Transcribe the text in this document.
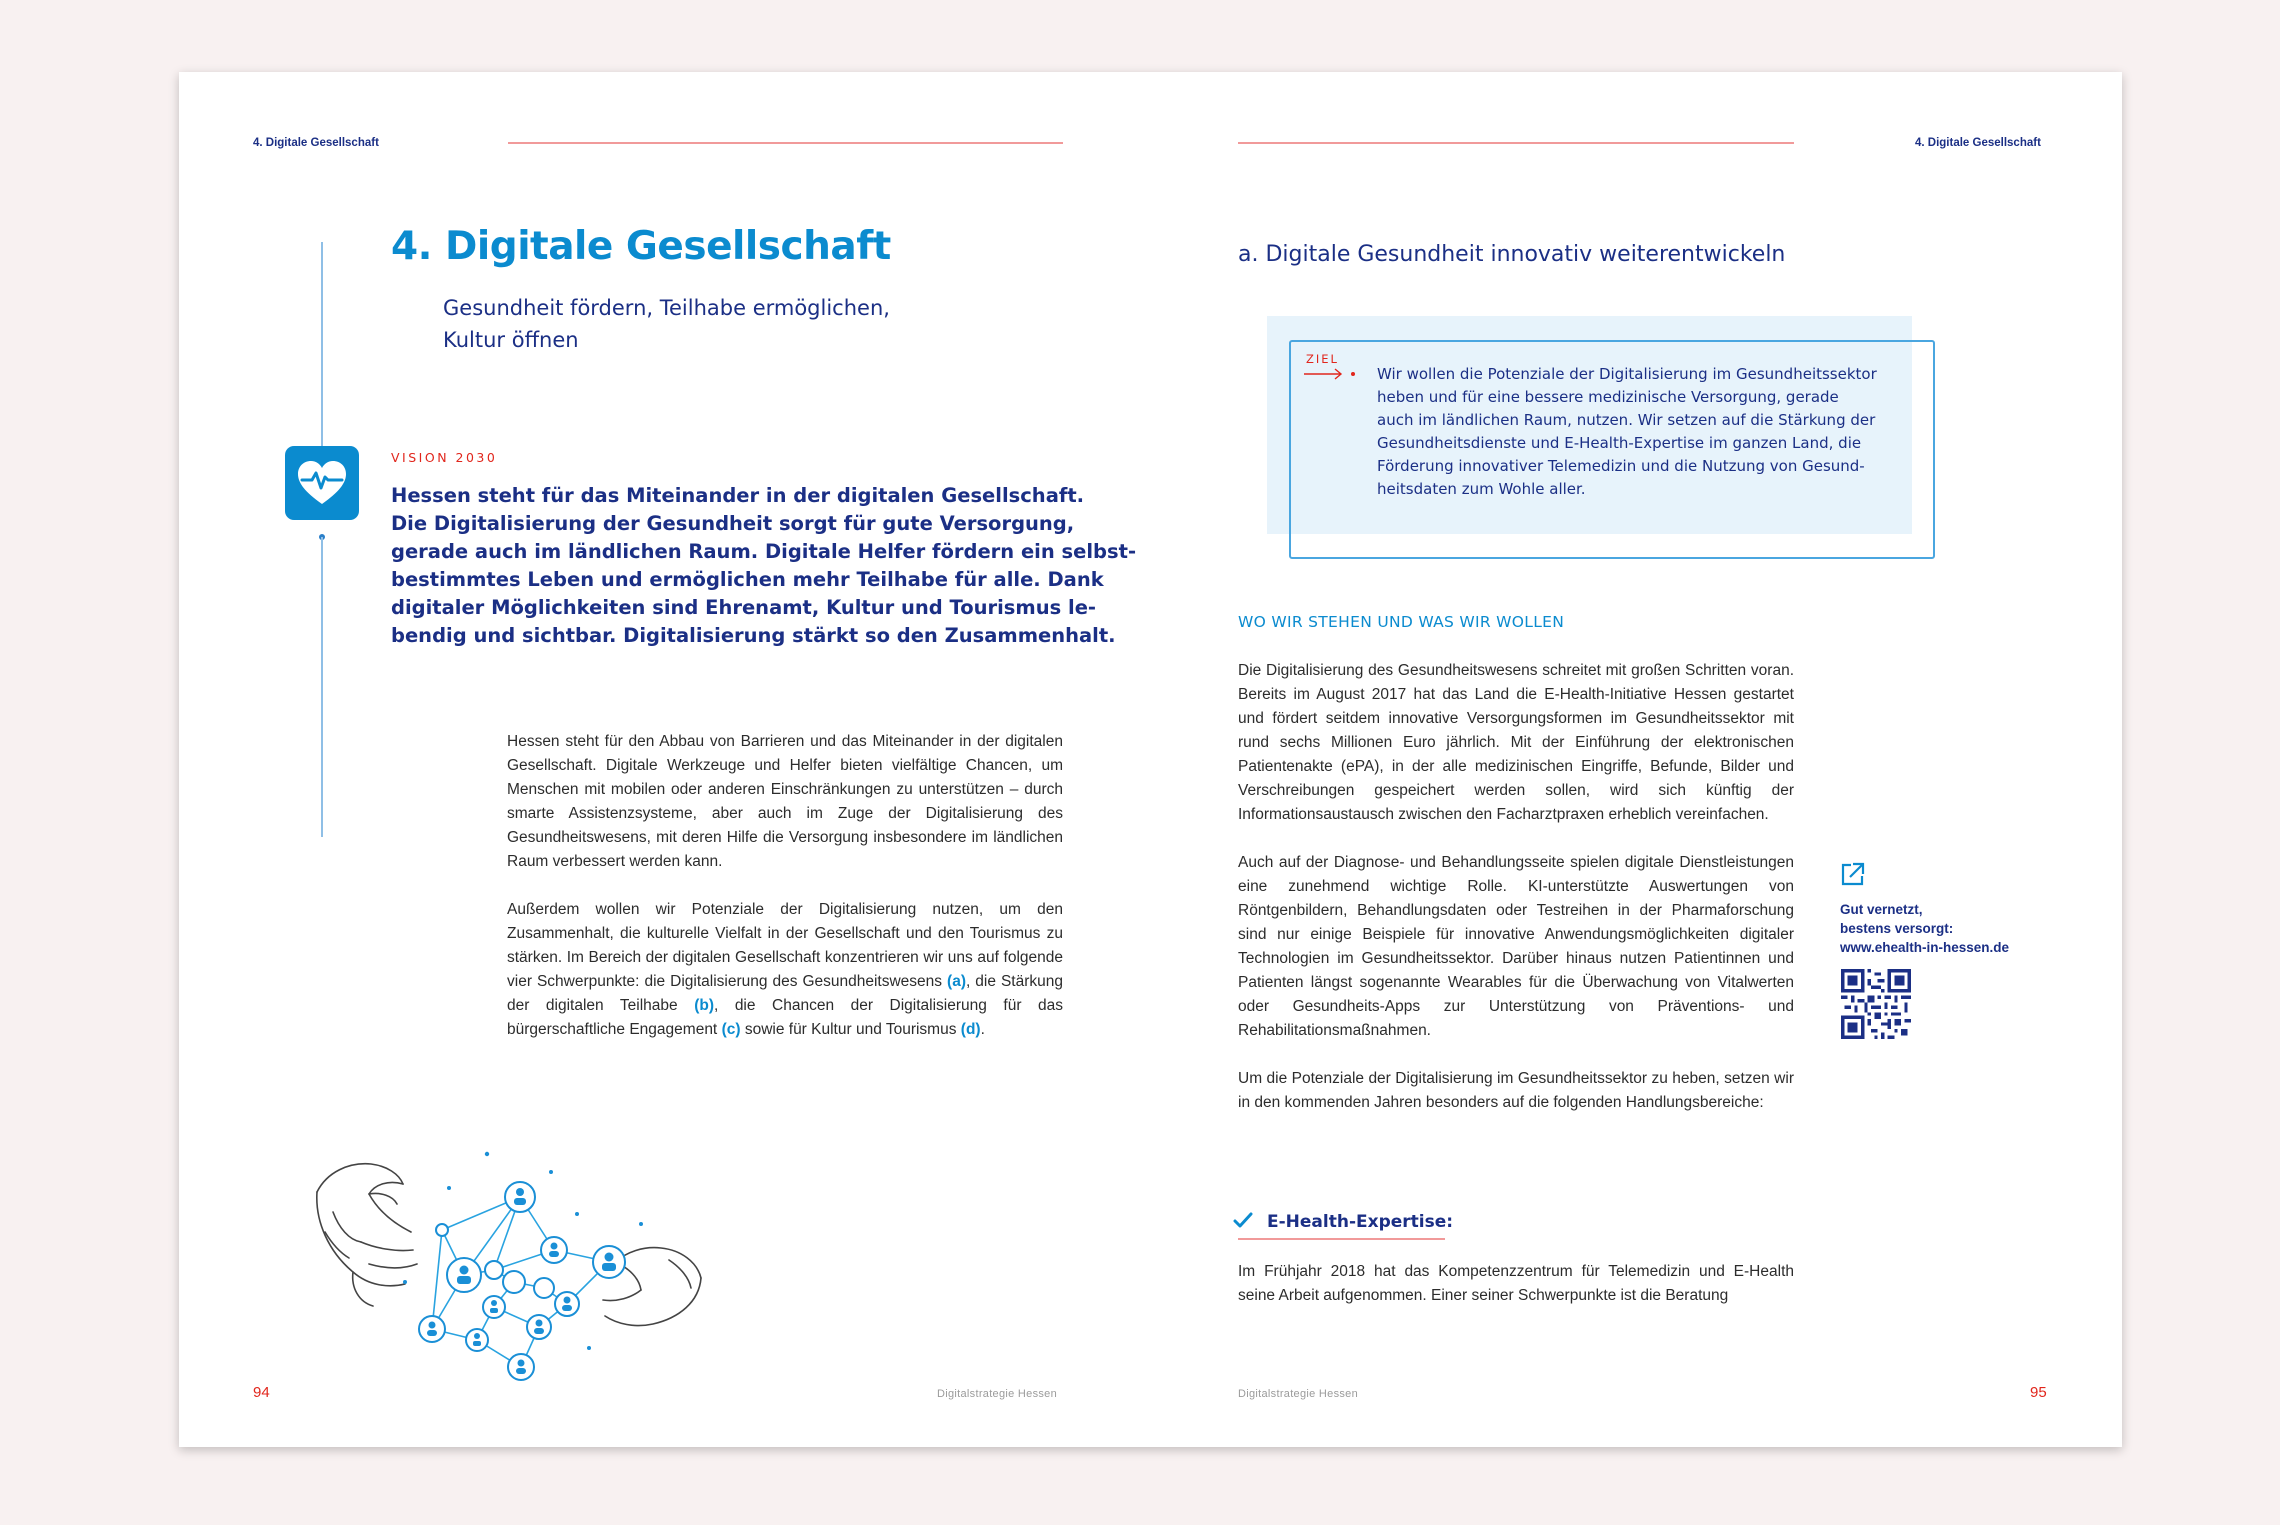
4. Digitale Gesellschaft
4. Digitale Gesellschaft
Gesundheit fördern, Teilhabe ermöglichen,
Kultur öffnen
VISION 2030
Hessen steht für das Miteinander in der digitalen Gesellschaft.
Die Digitalisierung der Gesundheit sorgt für gute Versorgung,
gerade auch im ländlichen Raum. Digitale Helfer fördern ein selbst-
bestimmtes Leben und ermöglichen mehr Teilhabe für alle. Dank
digitaler Möglichkeiten sind Ehrenamt, Kultur und Tourismus le-
bendig und sichtbar. Digitalisierung stärkt so den Zusammenhalt.

Hessen steht für den Abbau von Barrieren und das Miteinander in der digitalen Gesellschaft. Digitale Werkzeuge und Helfer bieten vielfältige Chancen, um Menschen mit mobilen oder anderen Einschränkungen zu unterstützen – durch smarte Assistenzsysteme, aber auch im Zuge der Digitalisierung des Gesundheitswesens, mit deren Hilfe die Versorgung insbesondere im ländlichen Raum verbessert werden kann.

Außerdem wollen wir Potenziale der Digitalisierung nutzen, um den Zusammenhalt, die kulturelle Vielfalt in der Gesellschaft und den Tourismus zu stärken. Im Bereich der digitalen Gesellschaft konzentrieren wir uns auf folgende vier Schwerpunkte: die Digitalisierung des Gesundheitswesens (a), die Stärkung der digitalen Teilhabe (b), die Chancen der Digitalisierung für das bürgerschaftliche Engagement (c) sowie für Kultur und Tourismus (d).

94	Digitalstrategie Hessen
4. Digitale Gesellschaft
a. Digitale Gesundheit innovativ weiterentwickeln
ZIEL
Wir wollen die Potenziale der Digitalisierung im Gesundheitssektor
heben und für eine bessere medizinische Versorgung, gerade
auch im ländlichen Raum, nutzen. Wir setzen auf die Stärkung der
Gesundheitsdienste und E-Health-Expertise im ganzen Land, die
Förderung innovativer Telemedizin und die Nutzung von Gesund-
heitsdaten zum Wohle aller.
WO WIR STEHEN UND WAS WIR WOLLEN

Die Digitalisierung des Gesundheitswesens schreitet mit großen Schritten voran. Bereits im August 2017 hat das Land die E-Health-Initiative Hessen gestartet und fördert seitdem innovative Versorgungsformen im Gesundheitssektor mit rund sechs Millionen Euro jährlich. Mit der Einführung der elektronischen Patientenakte (ePA), in der alle medizinischen Eingriffe, Befunde, Bilder und Verschreibungen gespeichert werden sollen, wird sich künftig der Informationsaustausch zwischen den Facharztpraxen erheblich vereinfachen.

Auch auf der Diagnose- und Behandlungsseite spielen digitale Dienstleistungen eine zunehmend wichtige Rolle. KI-unterstützte Auswertungen von Röntgenbildern, Behandlungsdaten oder Testreihen in der Pharmaforschung sind nur einige Beispiele für innovative Anwendungsmöglichkeiten digitaler Technologien im Gesundheitssektor. Darüber hinaus nutzen Patientinnen und Patienten längst sogenannte Wearables für die Überwachung von Vitalwerten oder Gesundheits-Apps zur Unterstützung von Präventions- und Rehabilitationsmaßnahmen.

Um die Potenziale der Digitalisierung im Gesundheitssektor zu heben, setzen wir in den kommenden Jahren besonders auf die folgenden Handlungsbereiche:

Gut vernetzt,
bestens versorgt:
www.ehealth-in-hessen.de
E-Health-Expertise:
Im Frühjahr 2018 hat das Kompetenzzentrum für Telemedizin und E-Health seine Arbeit aufgenommen. Einer seiner Schwerpunkte ist die Beratung
Digitalstrategie Hessen	95
